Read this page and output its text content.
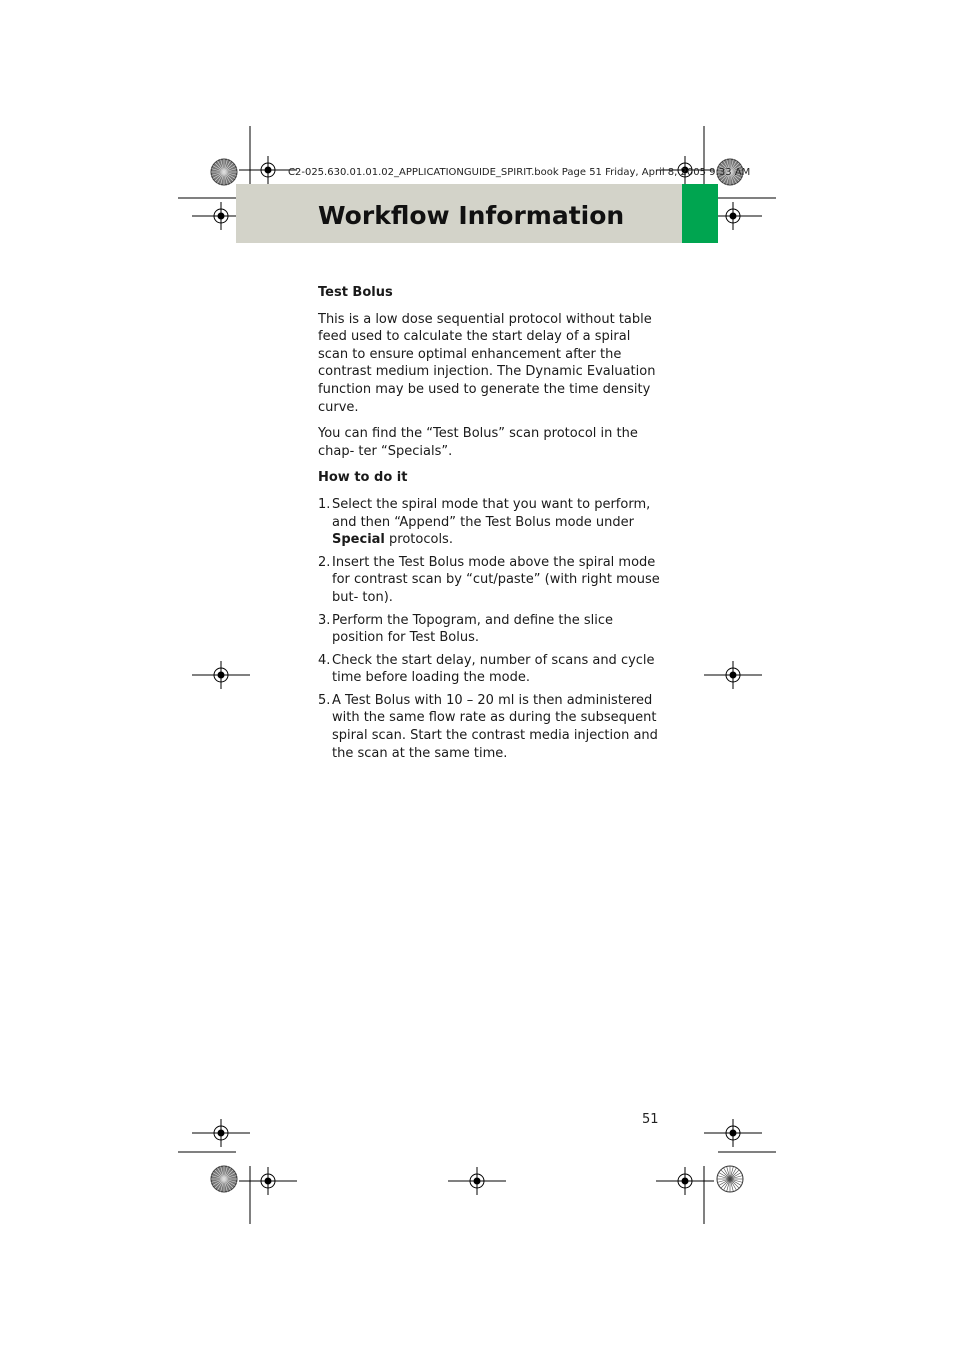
C2-025.630.01.01.02_APPLICATIONGUIDE_SPIRIT.book Page 51 Friday, April 8, 2005 9:33 AM
Workflow Information
Test Bolus

This is a low dose sequential protocol without table feed used to calculate the start delay of a spiral scan to ensure optimal enhancement after the contrast medium injection. The Dynamic Evaluation function may be used to generate the time density curve.

You can find the “Test Bolus” scan protocol in the chap- ter “Specials”.

How to do it
1. Select the spiral mode that you want to perform, and then “Append” the Test Bolus mode under Special protocols.
2. Insert the Test Bolus mode above the spiral mode for contrast scan by “cut/paste” (with right mouse but- ton).
3. Perform the Topogram, and define the slice position for Test Bolus.
4. Check the start delay, number of scans and cycle time before loading the mode.
5. A Test Bolus with 10 – 20 ml is then administered with the same flow rate as during the subsequent spiral scan. Start the contrast media injection and the scan at the same time.
51
